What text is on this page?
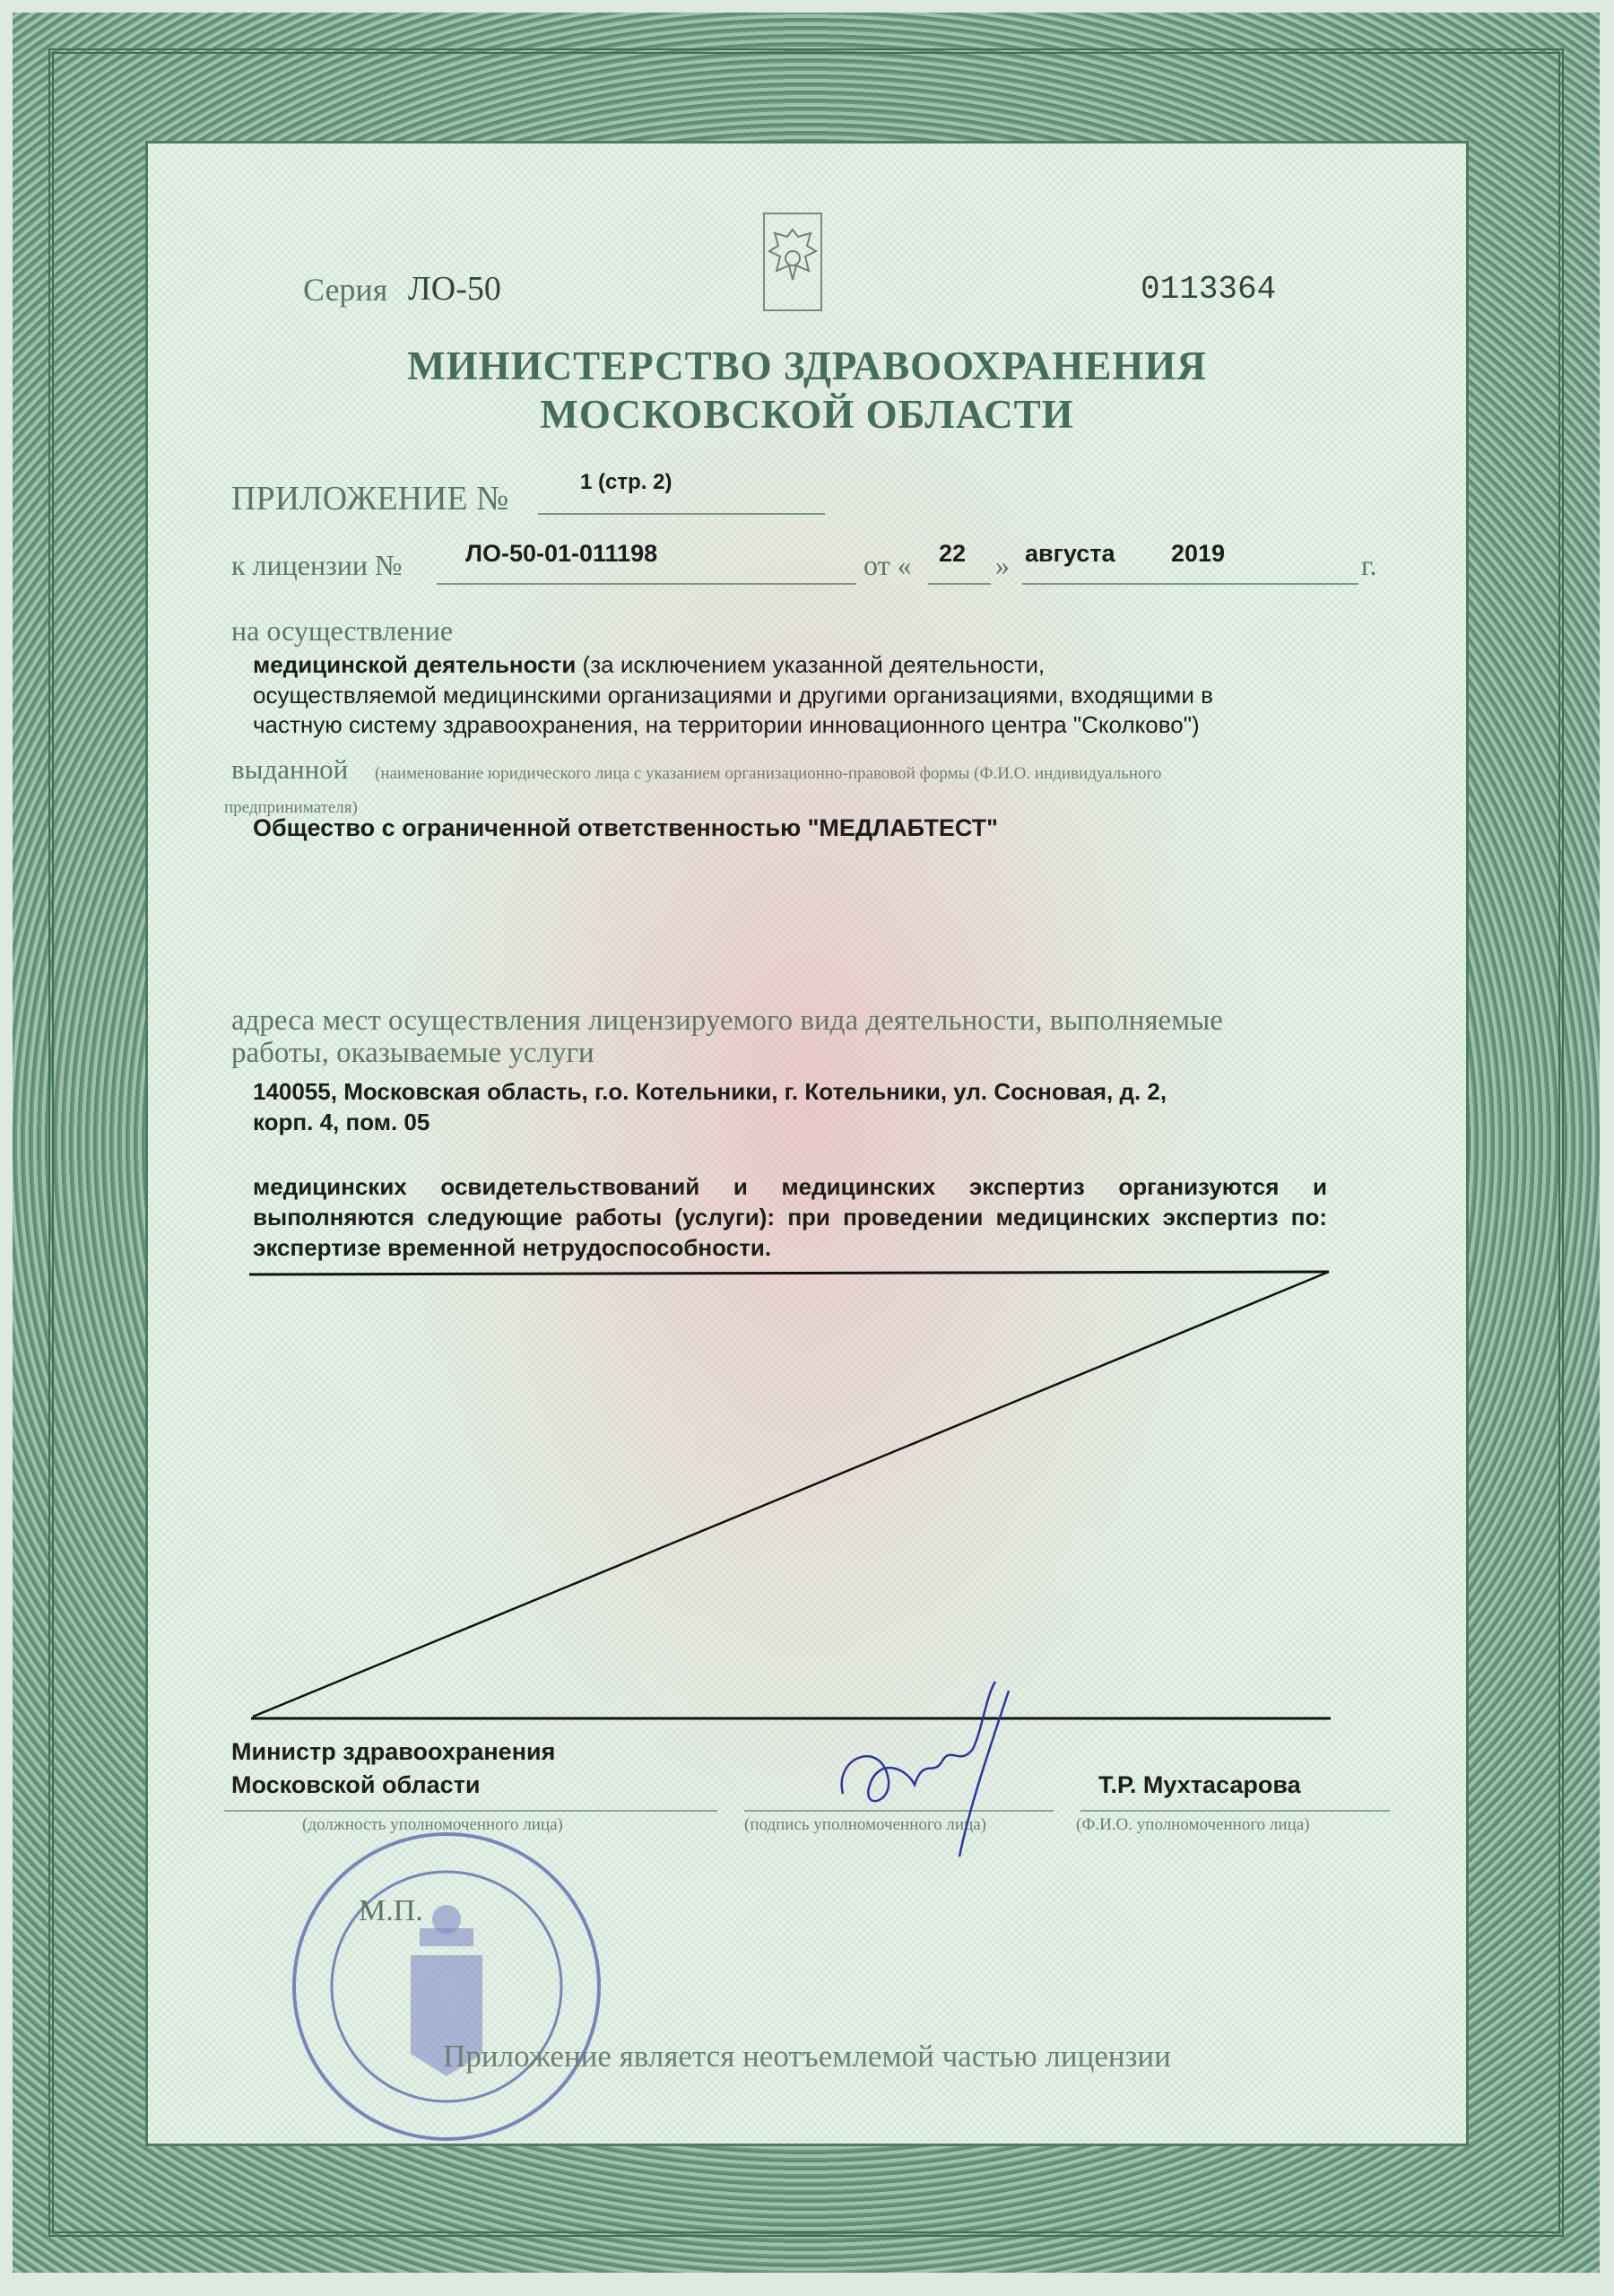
Серия ЛО-50	0113364
МИНИСТЕРСТВО ЗДРАВООХРАНЕНИЯ
МОСКОВСКОЙ ОБЛАСТИ
ПРИЛОЖЕНИЕ №	1 (стр. 2)
к лицензии №	ЛО-50-01-011198	от « 22 » августа 2019	г.
на осуществление
медицинской деятельности (за исключением указанной деятельности,
осуществляемой медицинскими организациями и другими организациями, входящими в
частную систему здравоохранения, на территории инновационного центра "Сколково")
выданной (наименование юридического лица с указанием организационно-правовой формы (Ф.И.О. индивидуального
предпринимателя)
Общество с ограниченной ответственностью "МЕДЛАБТЕСТ"
адреса мест осуществления лицензируемого вида деятельности, выполняемые
работы, оказываемые услуги
140055, Московская область, г.о. Котельники, г. Котельники, ул. Сосновая, д. 2,
корп. 4, пом. 05
медицинских освидетельствований и медицинских экспертиз организуются и выполняются следующие работы (услуги): при проведении медицинских экспертиз по: экспертизе временной нетрудоспособности.
Министр здравоохранения
Московской области	Т.Р. Мухтасарова
(должность уполномоченного лица)	(подпись уполномоченного лица)	(Ф.И.О. уполномоченного лица)
М.П.
Приложение является неотъемлемой частью лицензии
